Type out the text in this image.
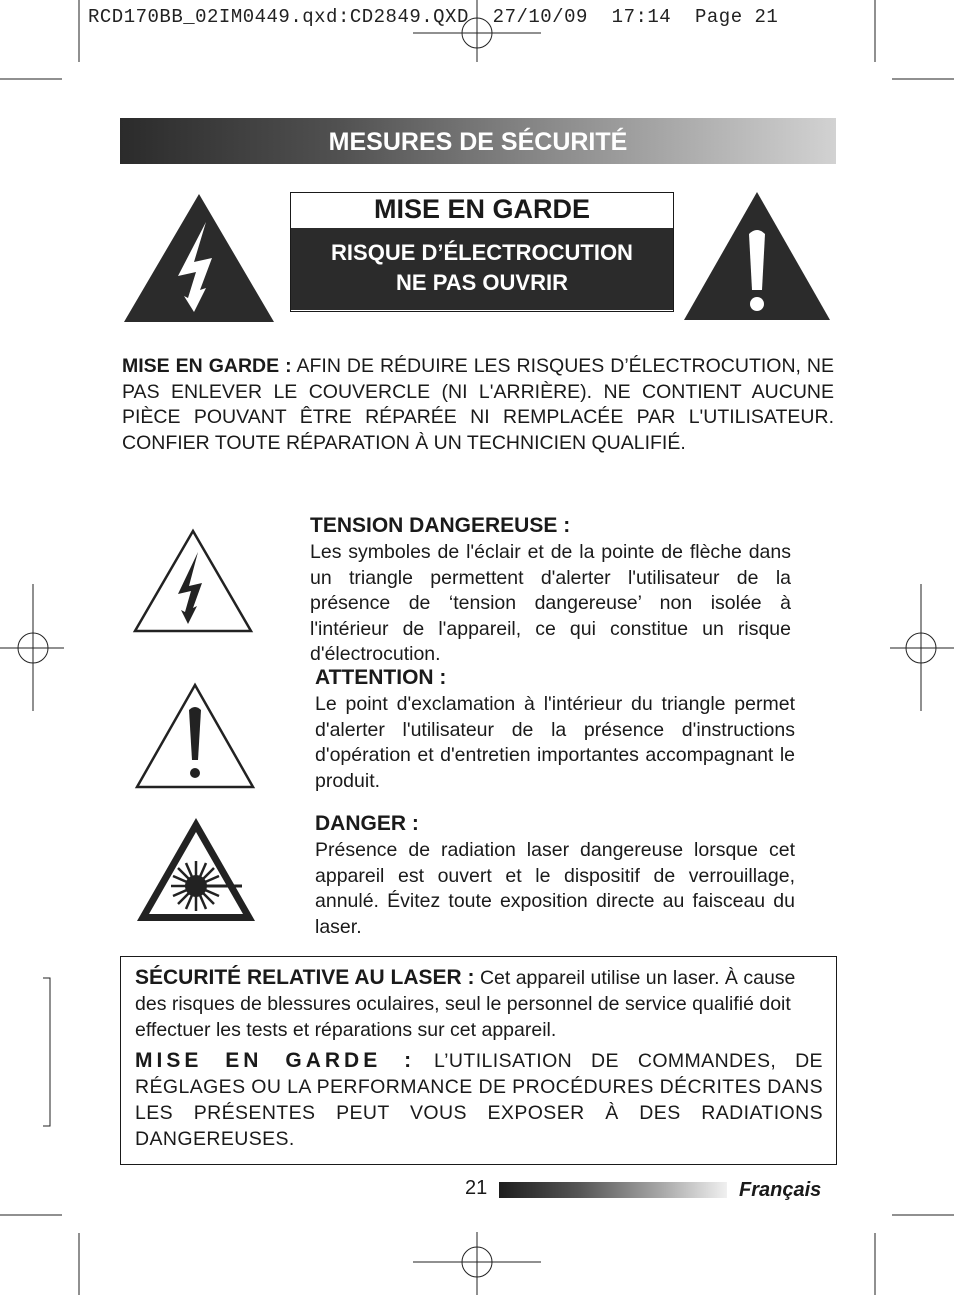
RCD170BB_02IM0449.qxd:CD2849.QXD  27/10/09  17:14  Page 21
MESURES DE SÉCURITÉ
MISE EN GARDE
RISQUE D’ÉLECTROCUTION
NE PAS OUVRIR
MISE EN GARDE : AFIN DE RÉDUIRE LES RISQUES D’ÉLECTROCUTION, NE PAS ENLEVER LE COUVERCLE (NI L'ARRIÈRE). NE CONTIENT AUCUNE PIÈCE POUVANT ÊTRE RÉPARÉE NI REMPLACÉE PAR L'UTILISATEUR. CONFIER TOUTE RÉPARATION À UN TECHNICIEN QUALIFIÉ.
TENSION DANGEREUSE :
Les symboles de l'éclair et de la pointe de flèche dans un triangle permettent d'alerter l'utilisateur de la présence de ‘tension dangereuse’ non isolée à l'intérieur de l'appareil, ce qui constitue un risque d'électrocution.
ATTENTION :
Le point d'exclamation à l'intérieur du triangle permet d'alerter l'utilisateur de la présence d'instructions d'opération et d'entretien importantes accompagnant le produit.
DANGER :
Présence de radiation laser dangereuse lorsque cet appareil est ouvert et le dispositif de verrouillage, annulé. Évitez toute exposition directe au faisceau du laser.
SÉCURITÉ RELATIVE AU LASER : Cet appareil utilise un laser. À cause des risques de blessures oculaires, seul le personnel de service qualifié doit effectuer les tests et réparations sur cet appareil.
MISE EN GARDE : L’UTILISATION DE COMMANDES, DE RÉGLAGES OU LA PERFORMANCE DE PROCÉDURES DÉCRITES DANS LES PRÉSENTES PEUT VOUS EXPOSER À DES RADIATIONS DANGEREUSES.
21	Français
